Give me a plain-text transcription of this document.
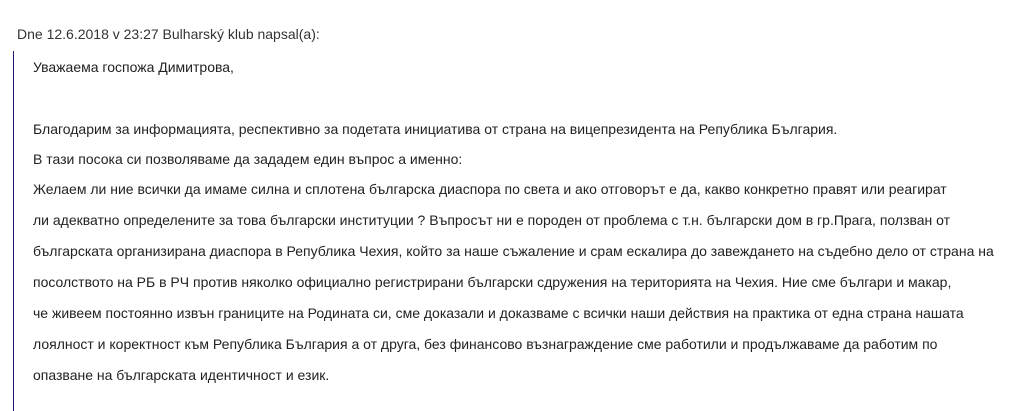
Dne 12.6.2018 v 23:27 Bulharský klub napsal(a):
Уважаема госпожа Димитрова,
Благодарим за информацията, респективно за подетата инициатива от страна на вицепрезидента на Република България.
В тази посока си позволяваме да зададем един въпрос а именно:
Желаем ли ние всички да имаме силна и сплотена българска диаспора по света и ако отговорът е да, какво конкретно правят или реагират
ли адекватно определените за това български институции ? Въпросът ни е породен от проблема с т.н. български дом в гр.Прага, ползван от
българската организирана диаспора в Република Чехия, който за наше съжаление и срам ескалира до завеждането на съдебно дело от страна на
посолството на РБ в РЧ против няколко официално регистрирани български сдружения на територията на Чехия. Ние сме българи и макар,
че живеем постоянно извън границите на Родината си, сме доказали и доказваме с всички наши действия на практика от една страна нашата
лоялност и коректност към Република България а от друга, без финансово възнаграждение сме работили и продължаваме да работим по
опазване на българската идентичност и език.
